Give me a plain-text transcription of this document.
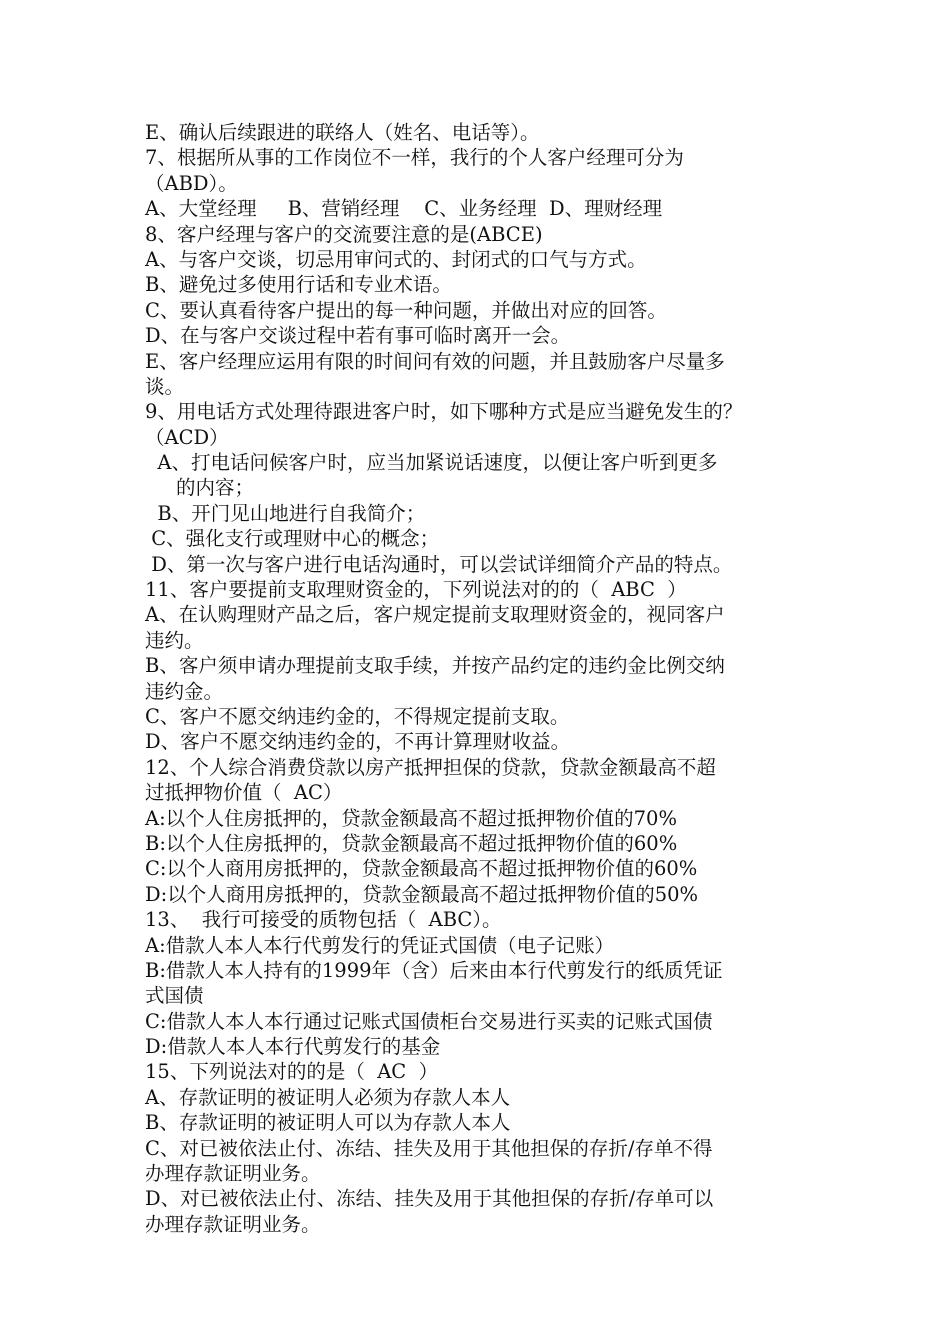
E、确认后续跟进的联络人（姓名、电话等）。
7、根据所从事的工作岗位不一样，我行的个人客户经理可分为
（ABD）。
A、大堂经理     B、营销经理    C、业务经理  D、理财经理
8、客户经理与客户的交流要注意的是(ABCE)
A、与客户交谈，切忌用审问式的、封闭式的口气与方式。
B、避免过多使用行话和专业术语。
C、要认真看待客户提出的每一种问题，并做出对应的回答。
D、在与客户交谈过程中若有事可临时离开一会。
E、客户经理应运用有限的时间问有效的问题，并且鼓励客户尽量多
谈。
9、用电话方式处理待跟进客户时，如下哪种方式是应当避免发生的？
（ACD）
A、打电话问候客户时，应当加紧说话速度，以便让客户听到更多
的内容；
B、开门见山地进行自我简介；
C、强化支行或理财中心的概念；
D、第一次与客户进行电话沟通时，可以尝试详细简介产品的特点。
11、客户要提前支取理财资金的，下列说法对的的（  ABC  ）
A、在认购理财产品之后，客户规定提前支取理财资金的，视同客户
违约。
B、客户须申请办理提前支取手续，并按产品约定的违约金比例交纳
违约金。
C、客户不愿交纳违约金的，不得规定提前支取。
D、客户不愿交纳违约金的，不再计算理财收益。
12、个人综合消费贷款以房产抵押担保的贷款，贷款金额最高不超
过抵押物价值（  AC）
A:以个人住房抵押的，贷款金额最高不超过抵押物价值的70%
B:以个人住房抵押的，贷款金额最高不超过抵押物价值的60%
C:以个人商用房抵押的，贷款金额最高不超过抵押物价值的60%
D:以个人商用房抵押的，贷款金额最高不超过抵押物价值的50%
13、  我行可接受的质物包括（  ABC）。
A:借款人本人本行代剪发行的凭证式国债（电子记账）
B:借款人本人持有的1999年（含）后来由本行代剪发行的纸质凭证
式国债
C:借款人本人本行通过记账式国债柜台交易进行买卖的记账式国债
D:借款人本人本行代剪发行的基金
15、下列说法对的的是（  AC  ）
A、存款证明的被证明人必须为存款人本人
B、存款证明的被证明人可以为存款人本人
C、对已被依法止付、冻结、挂失及用于其他担保的存折/存单不得
办理存款证明业务。
D、对已被依法止付、冻结、挂失及用于其他担保的存折/存单可以
办理存款证明业务。
